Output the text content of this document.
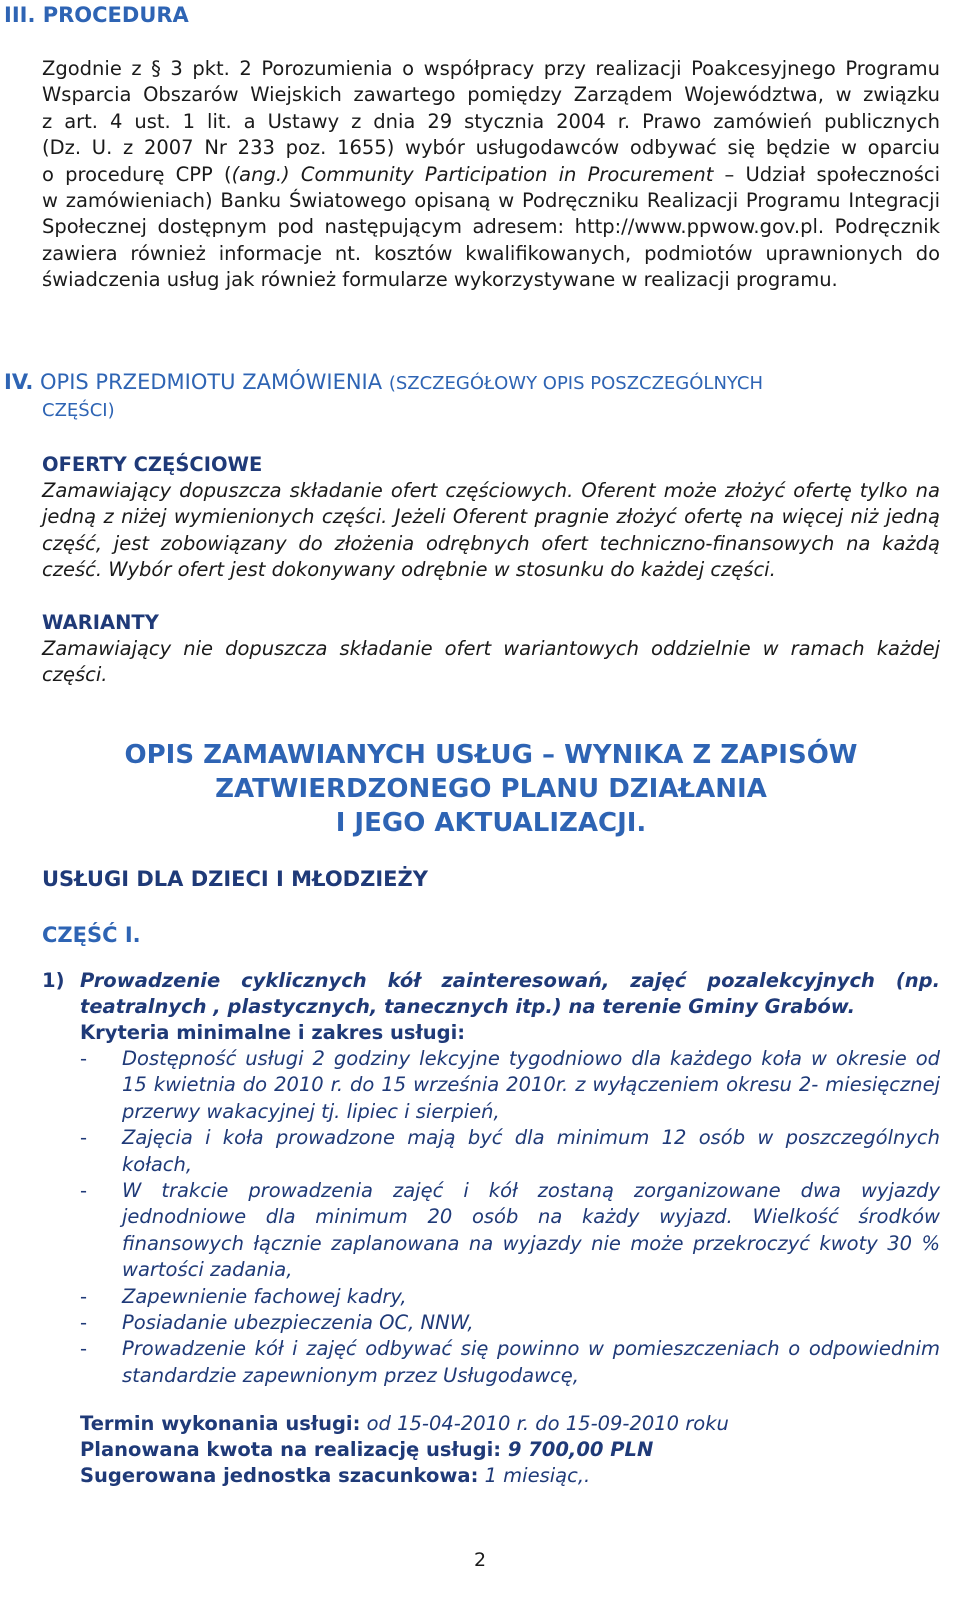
III. PROCEDURA
Zgodnie z § 3 pkt. 2 Porozumienia o współpracy przy realizacji Poakcesyjnego Programu
Wsparcia Obszarów Wiejskich zawartego pomiędzy Zarządem Województwa, w związku
z art. 4 ust. 1 lit. a Ustawy z dnia 29 stycznia 2004 r. Prawo zamówień publicznych
(Dz. U. z 2007 Nr 233 poz. 1655) wybór usługodawców odbywać się będzie w oparciu
o procedurę CPP ((ang.) Community Participation in Procurement – Udział społeczności
w zamówieniach) Banku Światowego opisaną w Podręczniku Realizacji Programu Integracji Społecznej dostępnym pod następującym adresem: http://www.ppwow.gov.pl. Podręcznik zawiera również informacje nt. kosztów kwalifikowanych, podmiotów uprawnionych do świadczenia usług jak również formularze wykorzystywane w realizacji programu.
IV. OPIS PRZEDMIOTU ZAMÓWIENIA (SZCZEGÓŁOWY OPIS POSZCZEGÓLNYCH
CZĘŚCI)
OFERTY CZĘŚCIOWE
Zamawiający dopuszcza składanie ofert częściowych. Oferent może złożyć ofertę tylko na jedną z niżej wymienionych części. Jeżeli Oferent pragnie złożyć ofertę na więcej niż jedną część, jest zobowiązany do złożenia odrębnych ofert techniczno-finansowych na każdą cześć. Wybór ofert jest dokonywany odrębnie w stosunku do każdej części.
WARIANTY
Zamawiający nie dopuszcza składanie ofert wariantowych oddzielnie w ramach każdej części.
OPIS ZAMAWIANYCH USŁUG – WYNIKA Z ZAPISÓW
ZATWIERDZONEGO PLANU DZIAŁANIA
I JEGO AKTUALIZACJI.
USŁUGI DLA DZIECI I MŁODZIEŻY
CZĘŚĆ I.
1) Prowadzenie cyklicznych kół zainteresowań, zajęć pozalekcyjnych (np. teatralnych , plastycznych, tanecznych itp.) na terenie Gminy Grabów.
Kryteria minimalne i zakres usługi:
- Dostępność usługi 2 godziny lekcyjne tygodniowo dla każdego koła w okresie od 15 kwietnia do 2010 r. do 15 września 2010r. z wyłączeniem okresu 2- miesięcznej przerwy wakacyjnej tj. lipiec i sierpień,
- Zajęcia i koła prowadzone mają być dla minimum 12 osób w poszczególnych kołach,
- W trakcie prowadzenia zajęć i kół zostaną zorganizowane dwa wyjazdy jednodniowe dla minimum 20 osób na każdy wyjazd. Wielkość środków finansowych łącznie zaplanowana na wyjazdy nie może przekroczyć kwoty 30 % wartości zadania,
- Zapewnienie fachowej kadry,
- Posiadanie ubezpieczenia OC, NNW,
- Prowadzenie kół i zajęć odbywać się powinno w pomieszczeniach o odpowiednim standardzie zapewnionym przez Usługodawcę,
Termin wykonania usługi: od 15-04-2010 r. do 15-09-2010 roku
Planowana kwota na realizację usługi: 9 700,00 PLN
Sugerowana jednostka szacunkowa: 1 miesiąc,.
2
